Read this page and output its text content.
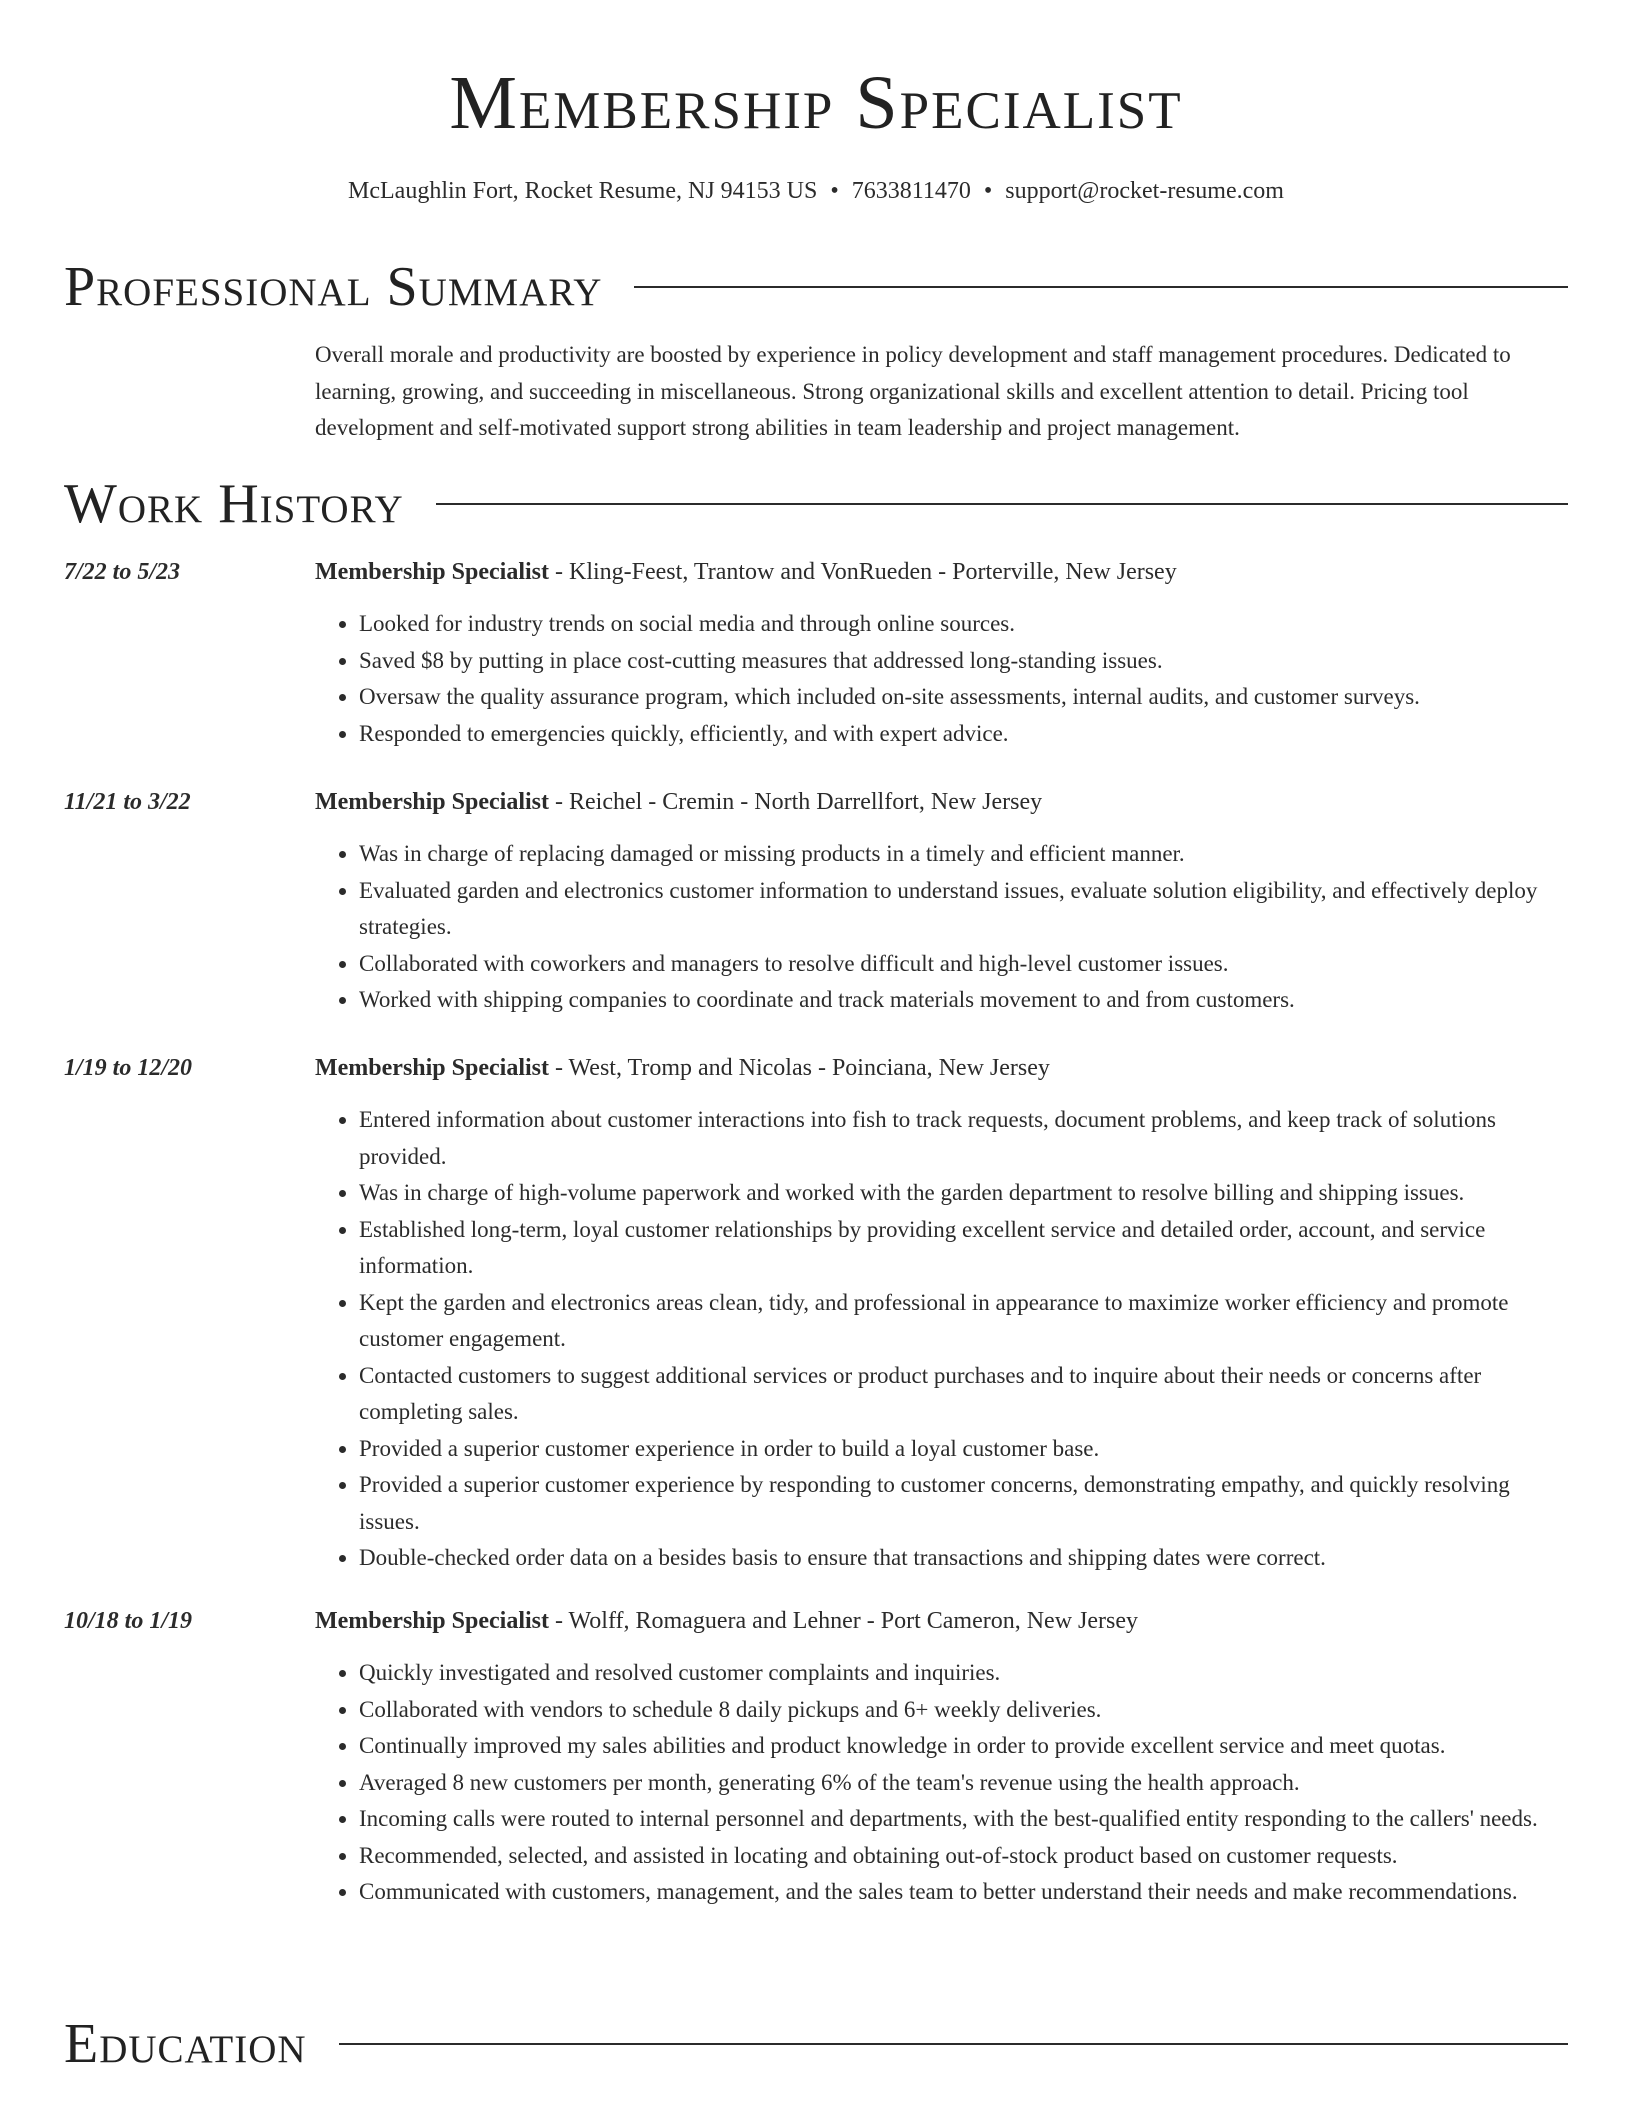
Membership Specialist
McLaughlin Fort, Rocket Resume, NJ 94153 US • 7633811470 • support@rocket-resume.com
Professional Summary
Overall morale and productivity are boosted by experience in policy development and staff management procedures. Dedicated to learning, growing, and succeeding in miscellaneous. Strong organizational skills and excellent attention to detail. Pricing tool development and self-motivated support strong abilities in team leadership and project management.
Work History
7/22 to 5/23	Membership Specialist - Kling-Feest, Trantow and VonRueden - Porterville, New Jersey
• Looked for industry trends on social media and through online sources.
• Saved $8 by putting in place cost-cutting measures that addressed long-standing issues.
• Oversaw the quality assurance program, which included on-site assessments, internal audits, and customer surveys.
• Responded to emergencies quickly, efficiently, and with expert advice.
11/21 to 3/22	Membership Specialist - Reichel - Cremin - North Darrellfort, New Jersey
• Was in charge of replacing damaged or missing products in a timely and efficient manner.
• Evaluated garden and electronics customer information to understand issues, evaluate solution eligibility, and effectively deploy strategies.
• Collaborated with coworkers and managers to resolve difficult and high-level customer issues.
• Worked with shipping companies to coordinate and track materials movement to and from customers.
1/19 to 12/20	Membership Specialist - West, Tromp and Nicolas - Poinciana, New Jersey
• Entered information about customer interactions into fish to track requests, document problems, and keep track of solutions provided.
• Was in charge of high-volume paperwork and worked with the garden department to resolve billing and shipping issues.
• Established long-term, loyal customer relationships by providing excellent service and detailed order, account, and service information.
• Kept the garden and electronics areas clean, tidy, and professional in appearance to maximize worker efficiency and promote customer engagement.
• Contacted customers to suggest additional services or product purchases and to inquire about their needs or concerns after completing sales.
• Provided a superior customer experience in order to build a loyal customer base.
• Provided a superior customer experience by responding to customer concerns, demonstrating empathy, and quickly resolving issues.
• Double-checked order data on a besides basis to ensure that transactions and shipping dates were correct.
10/18 to 1/19	Membership Specialist - Wolff, Romaguera and Lehner - Port Cameron, New Jersey
• Quickly investigated and resolved customer complaints and inquiries.
• Collaborated with vendors to schedule 8 daily pickups and 6+ weekly deliveries.
• Continually improved my sales abilities and product knowledge in order to provide excellent service and meet quotas.
• Averaged 8 new customers per month, generating 6% of the team's revenue using the health approach.
• Incoming calls were routed to internal personnel and departments, with the best-qualified entity responding to the callers' needs.
• Recommended, selected, and assisted in locating and obtaining out-of-stock product based on customer requests.
• Communicated with customers, management, and the sales team to better understand their needs and make recommendations.
Education
